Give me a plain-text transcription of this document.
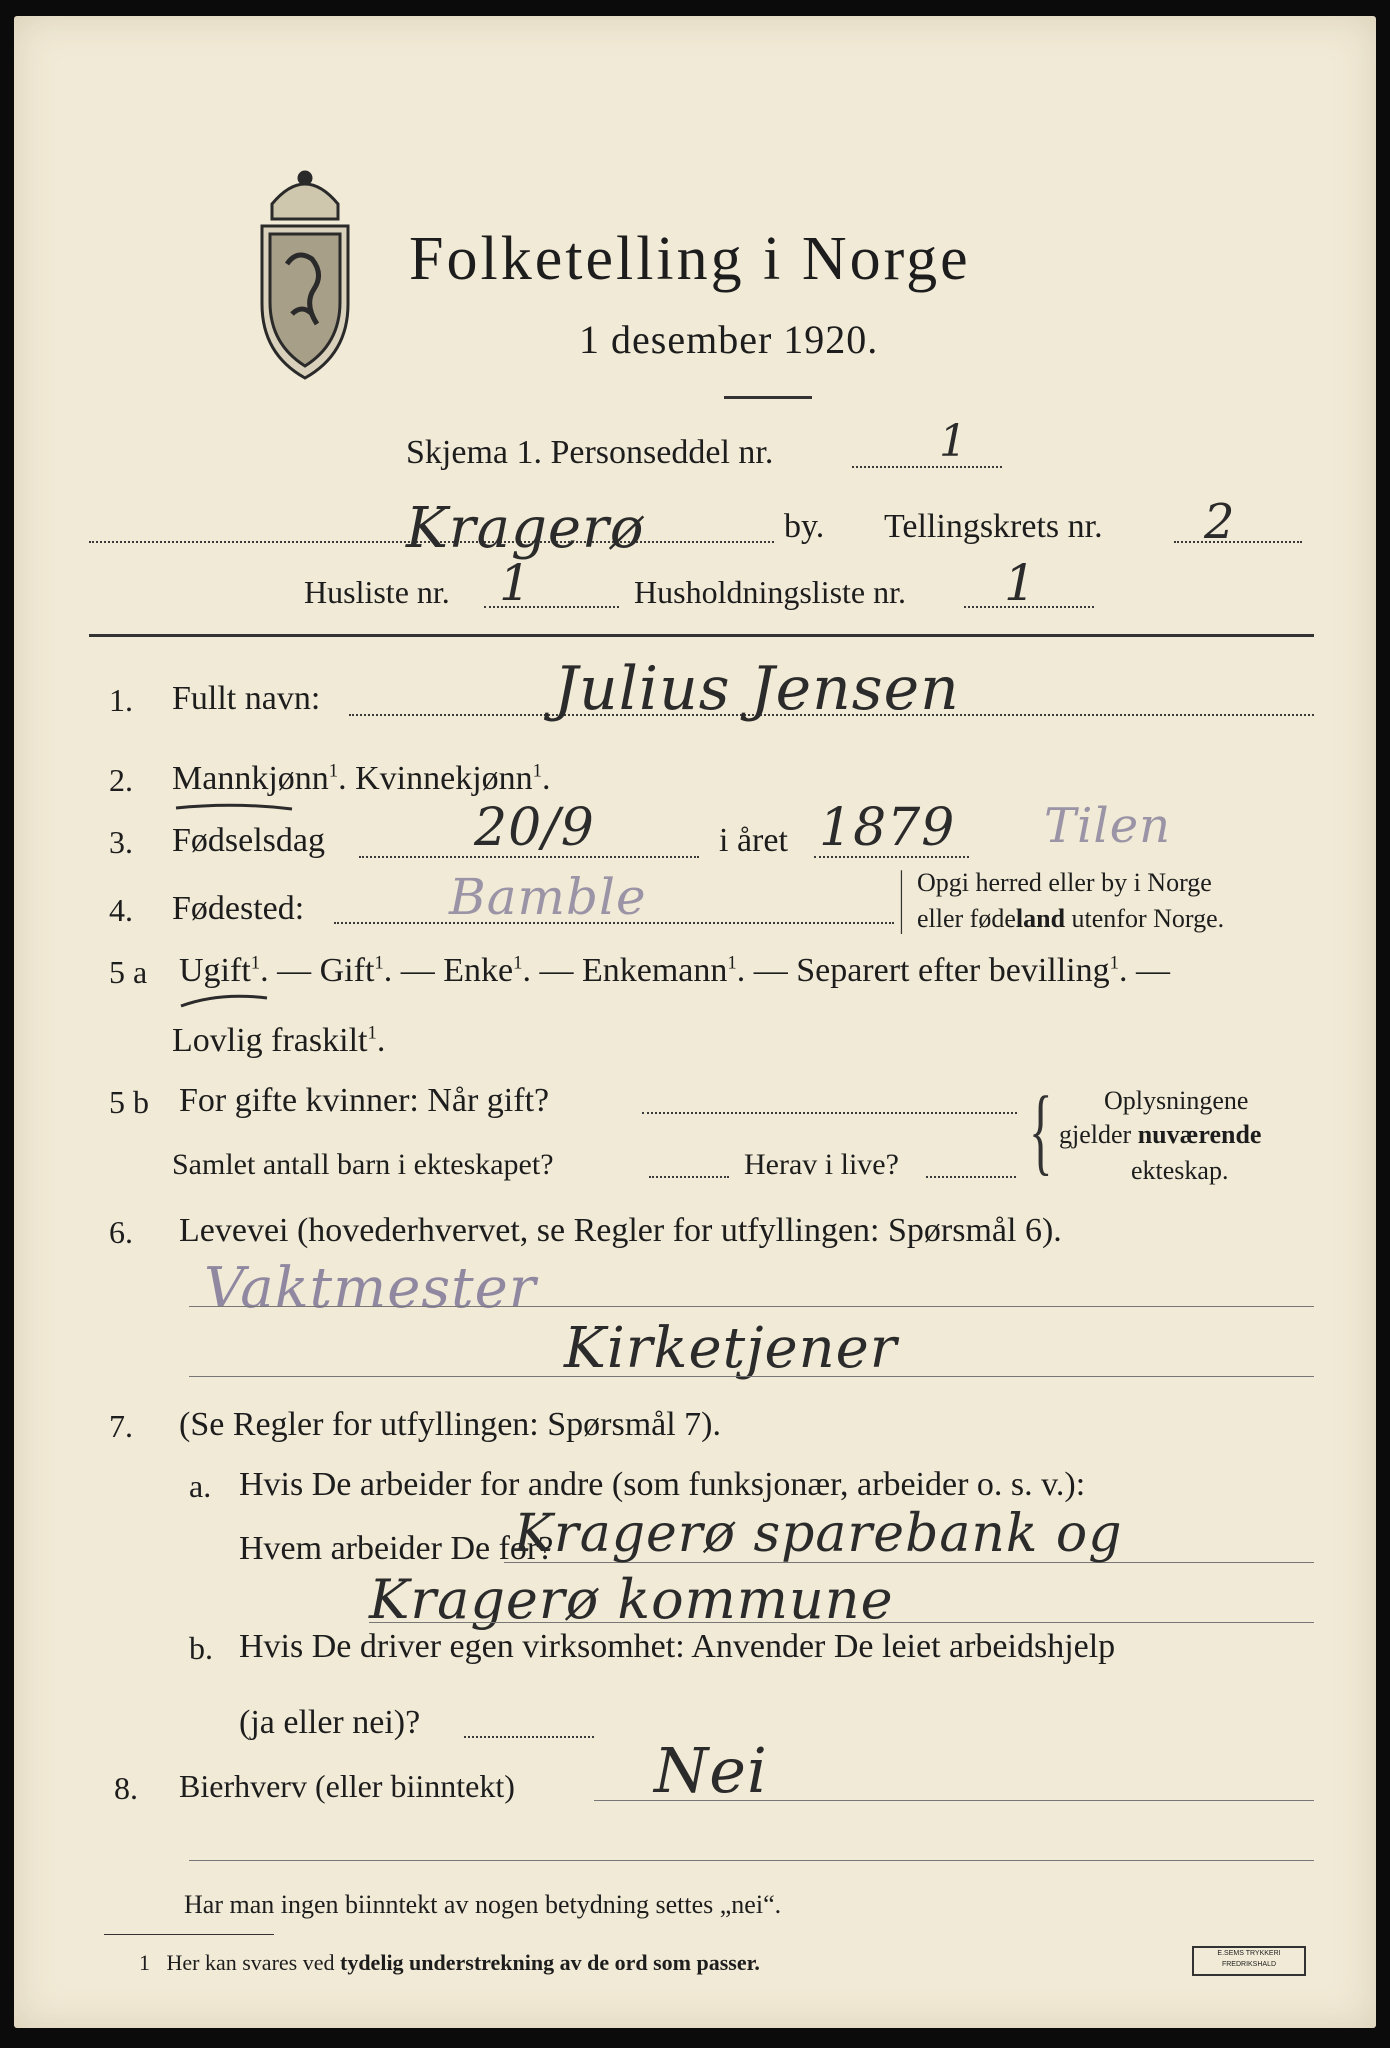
Folketelling i Norge
1 desember 1920.
Skjema 1. Personseddel nr.	1
Kragerø	by. Tellingskrets nr. 2
Husliste nr. 1	Husholdningsliste nr. 1
1. Fullt navn:	Julius Jensen
2. Mannkjønn$^1$. Kvinnekjønn$^1$.
3. Fødselsdag	20/9	i året 1879 Tilen
4. Fødested:	Bamble	| Opgi herred eller by i Norge
eller fødeland utenfor Norge.
5 a Ugift$^1$. — Gift$^1$. — Enke$^1$. — Enkemann$^1$. — Separert efter bevilling$^1$. —
Lovlig fraskilt$^1$.
5 b For gifte kvinner: Når gift?
Samlet antall barn i ekteskapet?	Herav i live? { Oplysningene
gjelder nuværende
ekteskap.
6. Levevei (hovederhvervet, se Regler for utfyllingen: Spørsmål 6).
Vaktmester
Kirketjener
7. (Se Regler for utfyllingen: Spørsmål 7).
a. Hvis De arbeider for andre (som funksjonær, arbeider o. s. v.):
Hvem arbeider De for?
Kragerø sparebank og
Kragerø kommune
b. Hvis De driver egen virksomhet: Anvender De leiet arbeidshjelp
(ja eller nei)?
8. Bierhverv (eller biinntekt) Nei
Har man ingen biinntekt av nogen betydning settes „nei“.
1 Her kan svares ved tydelig understrekning av de ord som passer.	E.SEMS TRYKKERI
FREDRIKSHALD
